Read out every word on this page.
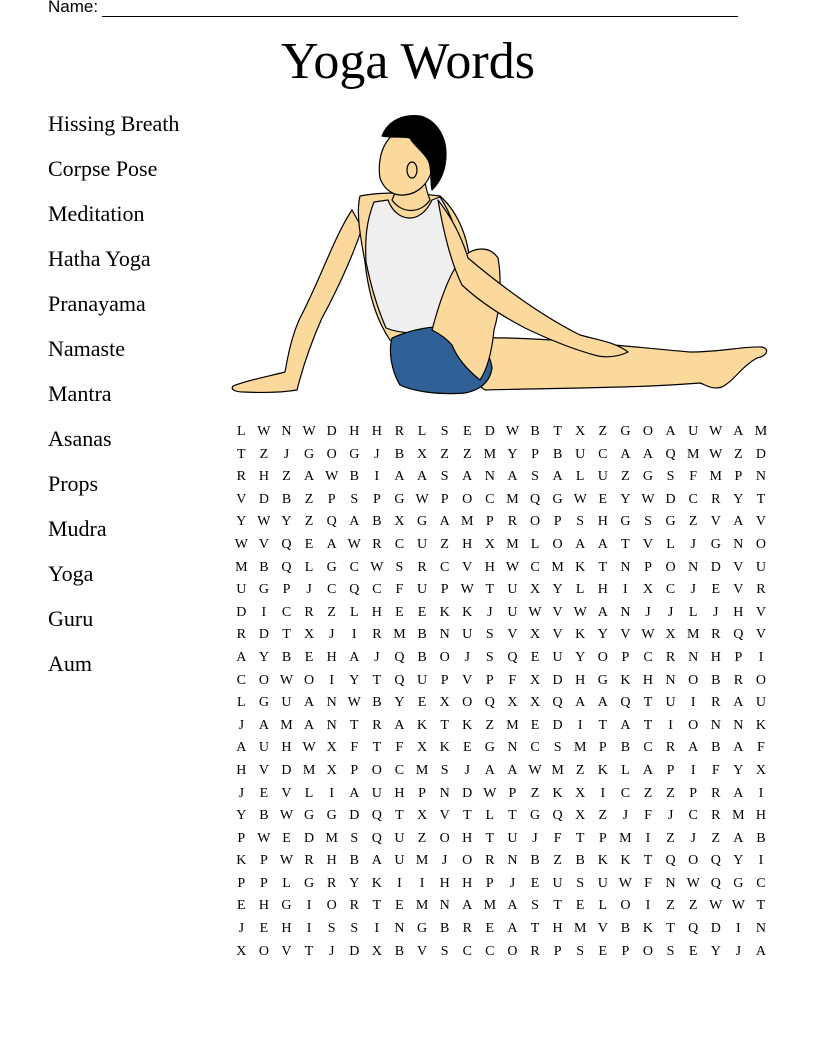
Name:
Yoga Words
Hissing Breath
Corpse Pose
Meditation
Hatha Yoga
Pranayama
Namaste
Mantra
Asanas
Props
Mudra
Yoga
Guru
Aum
L W N W D H H R L	S	E D W B T X Z G O A U W A M
T	Z	J	G O G	J	B X Z	Z M Y P	B U C A A Q M W Z D
R H Z A W B	I	A A S A N A S A L U Z G S	F M P N
V D B Z	P	S	P G W P O C M Q G W E Y W D C R Y T
Y W Y Z Q A B X G A M P	R O P	S H G S G Z V A V
W V Q E A W R C U Z H X M L O A A T V L	J	G N O
M B Q L G C W S	R C V H W C M K T N P O N D V U
U G P	J	C Q C	F U P W T U X Y L H	I	X C	J	E V R
D	I	C R Z	L H E	E K K	J	U W V W A N	J	J	L	J	H V
R D T X	J	I	R M B N U S V X V K Y V W X M R Q V
A Y B E H A	J	Q B O	J	S Q E U Y O P	C R N H P	I
C O W O	I	Y T Q U P V P	F X D H G K H N O B R O
L G U A N W B Y E X O Q X X Q A A Q T U	I	R A U
J	A M A N T R A K T K Z M E D	I	T A T	I	O N N K
A U H W X F	T	F X K E G N C	S M P	B C R A B A F
H V D M X P O C M S	J	A A W M Z K L A P	I	F Y X
J	E V L	I	A U H P N D W P	Z K X	I	C Z	Z	P	R A	I
Y B W G G D Q T X V T	L	T G Q X Z	J	F	J	C R M H
P W E D M S Q U Z O H T U	J	F	T	P M	I	Z	J	Z A B
K P W R H B A U M J	O R N B Z B K K T Q O Q Y	I
P	P	L G R Y K	I	I	H H P	J	E U S U W F N W Q G C
E H G	I	O R T	E M N A M A S	T	E	L O	I	Z	Z W W T
J	E H	I	S	S	I	N G B R E A T H M V B K T Q D	I	N
X O V T	J	D X B V S	C C O R	P	S	E	P O S	E Y	J	A
